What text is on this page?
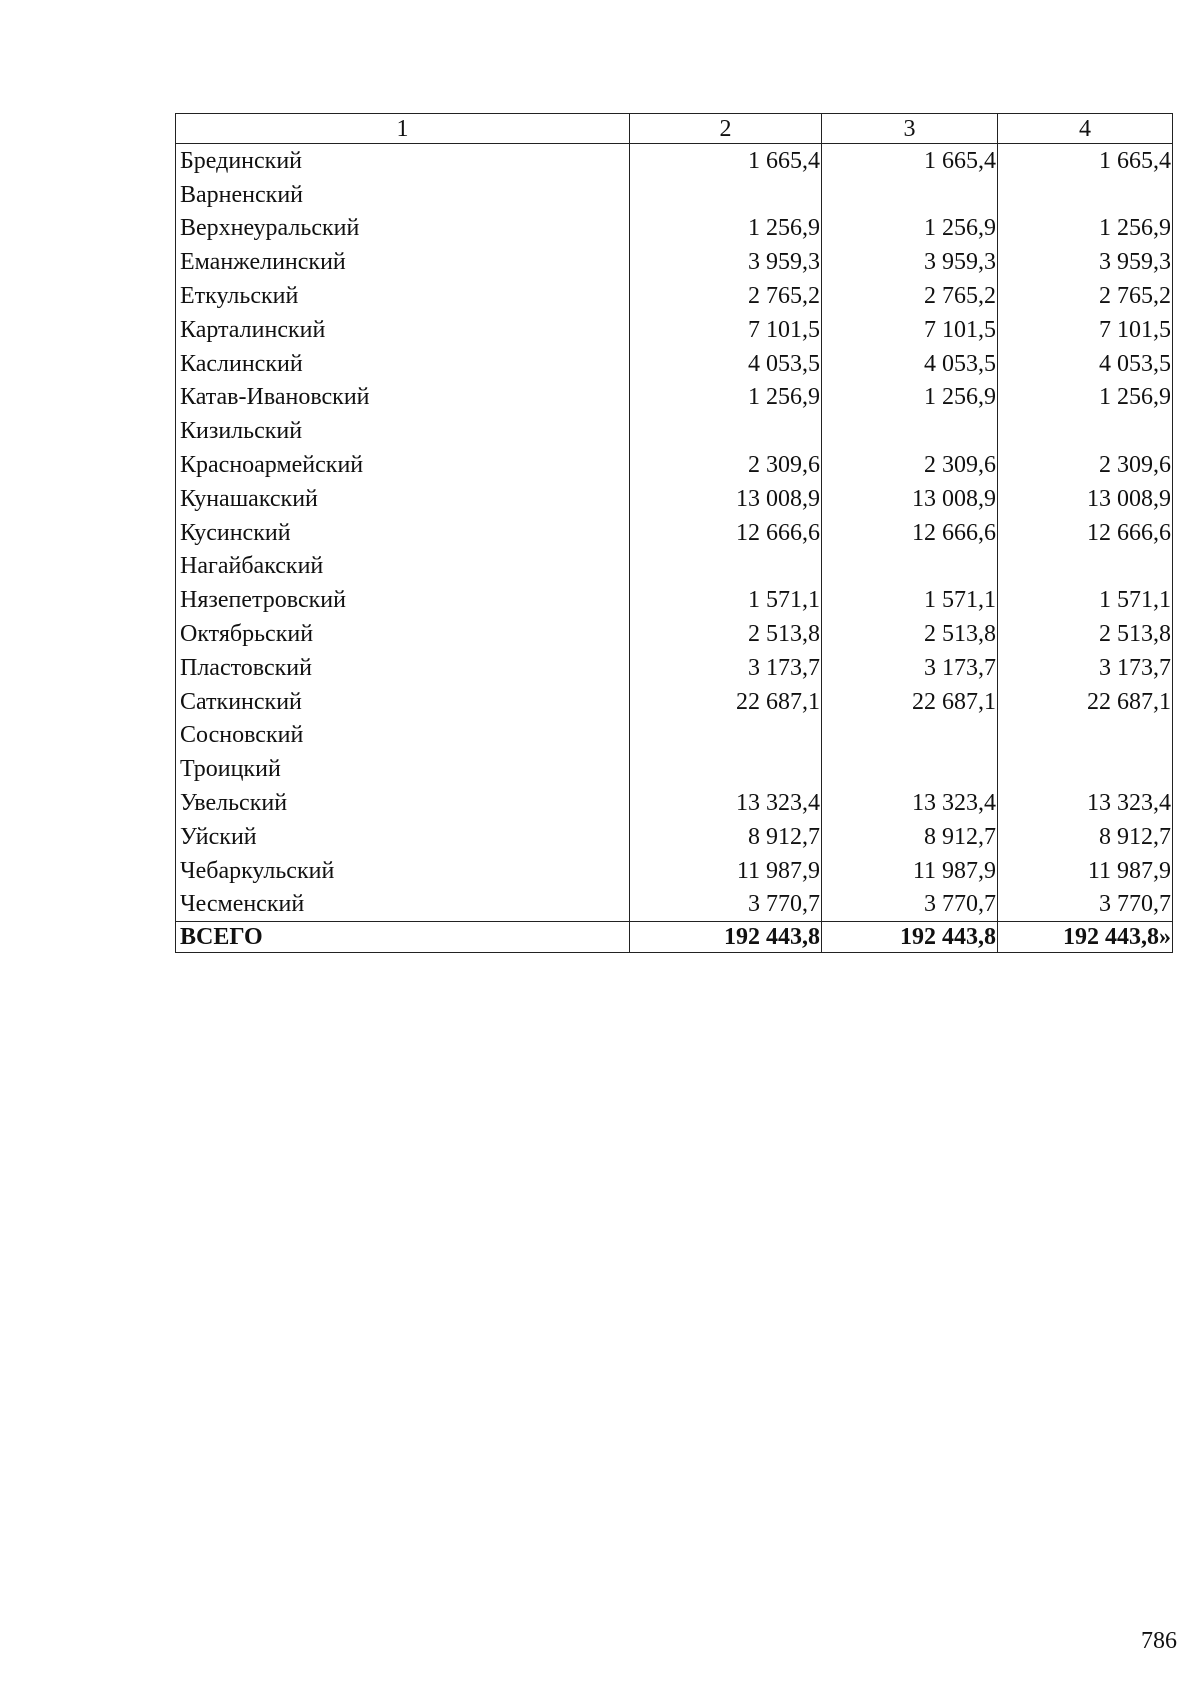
1	2	3	4
Брединский	1 665,4	1 665,4	1 665,4
Варненский			
Верхнеуральский	1 256,9	1 256,9	1 256,9
Еманжелинский	3 959,3	3 959,3	3 959,3
Еткульский	2 765,2	2 765,2	2 765,2
Карталинский	7 101,5	7 101,5	7 101,5
Каслинский	4 053,5	4 053,5	4 053,5
Катав-Ивановский	1 256,9	1 256,9	1 256,9
Кизильский			
Красноармейский	2 309,6	2 309,6	2 309,6
Кунашакский	13 008,9	13 008,9	13 008,9
Кусинский	12 666,6	12 666,6	12 666,6
Нагайбакский			
Нязепетровский	1 571,1	1 571,1	1 571,1
Октябрьский	2 513,8	2 513,8	2 513,8
Пластовский	3 173,7	3 173,7	3 173,7
Саткинский	22 687,1	22 687,1	22 687,1
Сосновский			
Троицкий			
Увельский	13 323,4	13 323,4	13 323,4
Уйский	8 912,7	8 912,7	8 912,7
Чебаркульский	11 987,9	11 987,9	11 987,9
Чесменский	3 770,7	3 770,7	3 770,7
ВСЕГО	192 443,8	192 443,8	192 443,8»
786
